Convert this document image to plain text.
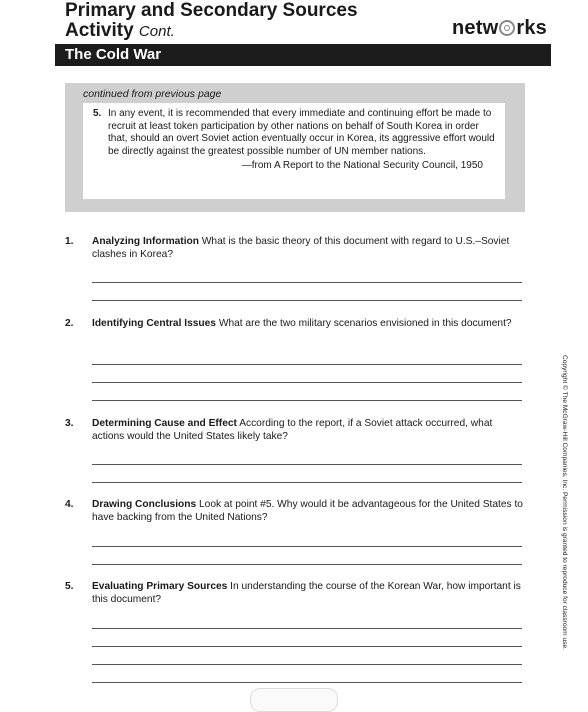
Primary and Secondary Sources
Activity Cont.	netw rks
The Cold War
continued from previous page
5. In any event, it is recommended that every immediate and continuing effort be made to recruit at least token participation by other nations on behalf of South Korea in order that, should an overt Soviet action eventually occur in Korea, its aggressive effort would be directly against the greatest possible number of UN member nations.
—from A Report to the National Security Council, 1950
1. Analyzing Information What is the basic theory of this document with regard to U.S.–Soviet clashes in Korea?
2. Identifying Central Issues What are the two military scenarios envisioned in this document?
3. Determining Cause and Effect According to the report, if a Soviet attack occurred, what actions would the United States likely take?
4. Drawing Conclusions Look at point #5. Why would it be advantageous for the United States to have backing from the United Nations?
5. Evaluating Primary Sources In understanding the course of the Korean War, how important is this document?	Copyright © The McGraw-Hill Companies, Inc. Permission is granted to reproduce for classroom use.
